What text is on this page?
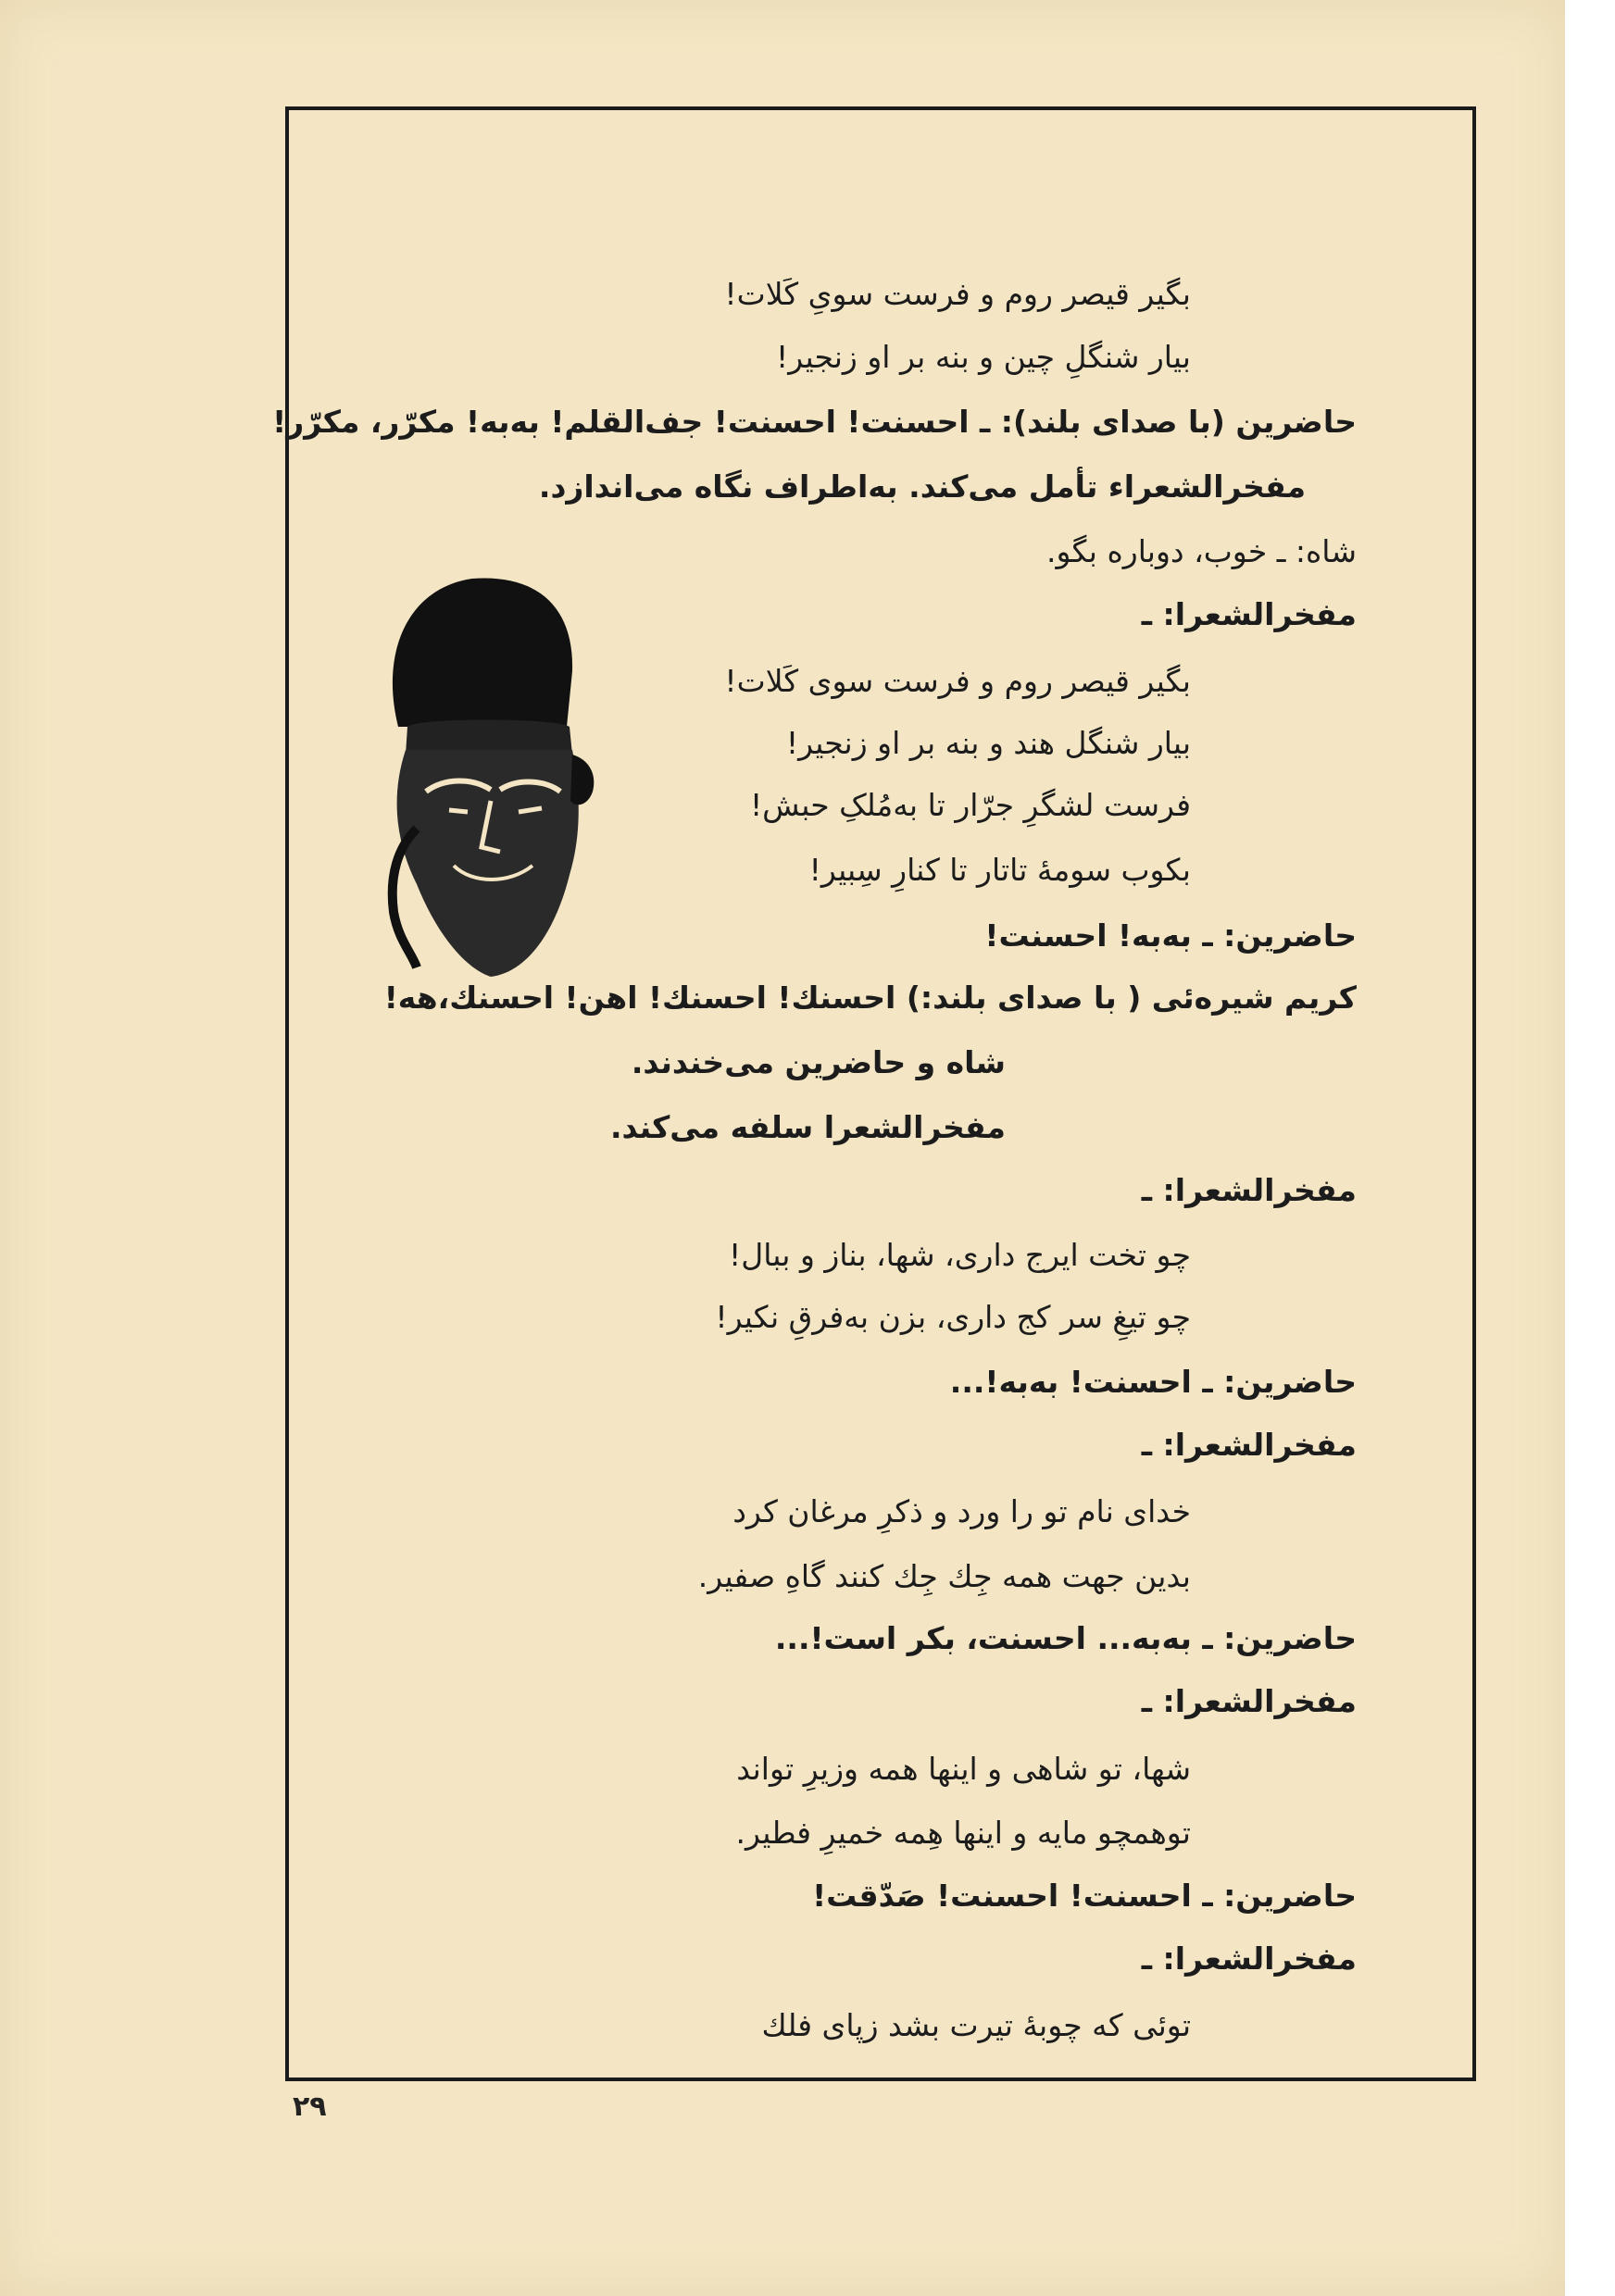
بگیر قیصر روم و فرست سویِ کَلات!
بیار شنگلِ چین و بنه بر او زنجیر!
حاضرین (با صدای بلند): ـ احسنت! احسنت! جف‌القلم! به‌به! مکرّر، مکرّر!
مفخرالشعراء تأمل می‌کند. به‌اطراف نگاه می‌اندازد.
شاه: ـ خوب، دوباره بگو.
مفخرالشعرا: ـ
بگیر قیصر روم و فرست سوی کَلات!
بیار شنگل هند و بنه بر او زنجیر!
فرست لشگرِ جرّار تا به‌مُلکِ حبش!
بکوب سومهٔ تاتار تا کنارِ سِبیر!
حاضرین: ـ به‌به! احسنت!
کریم شیره‌ئی ( با صدای بلند:) احسنك! احسنك! اهن! احسنك،هه!
شاه و حاضرین می‌خندند.
مفخرالشعرا سلفه می‌کند.
مفخرالشعرا: ـ
چو تخت ایرج داری، شها، بناز و ببال!
چو تیغِ سر کج داری، بزن به‌فرقِ نکیر!
حاضرین: ـ احسنت! به‌به!...
مفخرالشعرا: ـ
خدای نام تو را ورد و ذکرِ مرغان کرد
بدین جهت همه جِك جِك کنند گاهِ صفیر.
حاضرین: ـ به‌به... احسنت، بکر است!...
مفخرالشعرا: ـ
شها، تو شاهی و اینها همه وزیرِ تواند
توهمچو مایه و اینها هِمه خمیرِ فطیر.
حاضرین: ـ احسنت! احسنت! صَدّقت!
مفخرالشعرا: ـ
توئی که چوبهٔ تیرت بشد زپای فلك
۲۹
